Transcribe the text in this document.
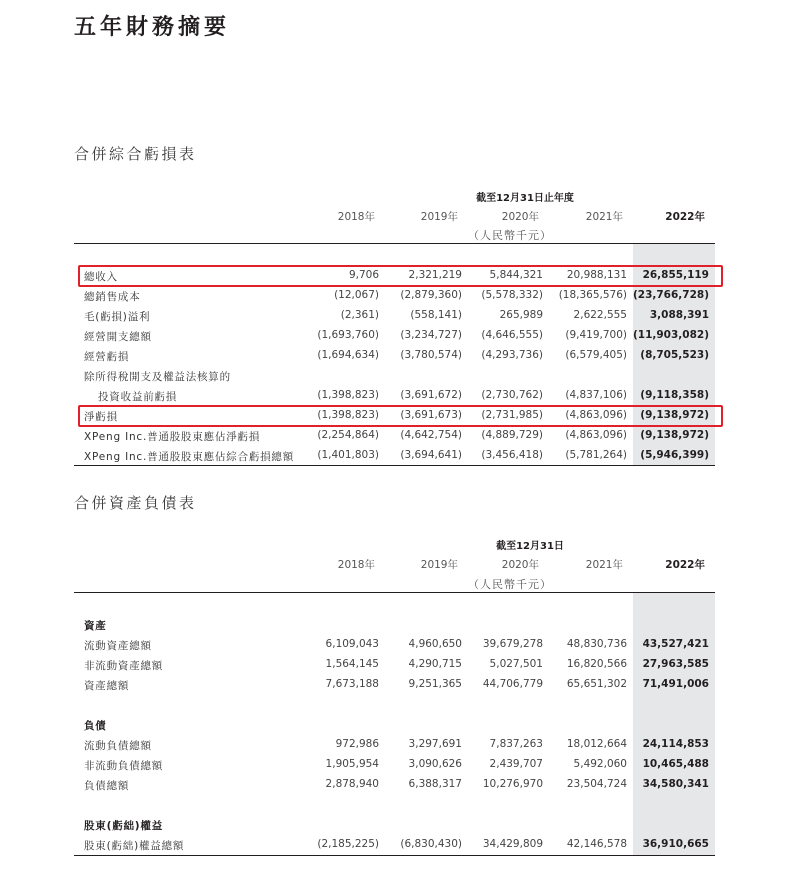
五年財務摘要
合併綜合虧損表
截至12月31日止年度
2018年	2019年	2020年	2021年	2022年
（人民幣千元）
總收入	9,706	2,321,219	5,844,321 20,988,131 26,855,119
總銷售成本	(12,067) (2,879,360) (5,578,332) (18,365,576) (23,766,728)
毛(虧損)溢利	(2,361)	(558,141)	265,989	2,622,555 3,088,391
經營開支總額	(1,693,760) (3,234,727) (4,646,555) (9,419,700) (11,903,082)
經營虧損	(1,694,634) (3,780,574) (4,293,736) (6,579,405) (8,705,523)
除所得稅開支及權益法核算的
投資收益前虧損	(1,398,823) (3,691,672) (2,730,762) (4,837,106) (9,118,358)
淨虧損	(1,398,823) (3,691,673) (2,731,985) (4,863,096) (9,138,972)
XPeng Inc.普通股股東應佔淨虧損	(2,254,864) (4,642,754) (4,889,729) (4,863,096) (9,138,972)
XPeng Inc.普通股股東應佔綜合虧損總額 (1,401,803) (3,694,641) (3,456,418) (5,781,264) (5,946,399)
合併資產負債表
截至12月31日
2018年	2019年	2020年	2021年	2022年
（人民幣千元）
資產
流動資產總額	6,109,043	4,960,650 39,679,278 48,830,736 43,527,421
非流動資產總額	1,564,145	4,290,715	5,027,501 16,820,566 27,963,585
資產總額	7,673,188	9,251,365 44,706,779 65,651,302 71,491,006
負債
流動負債總額	972,986	3,297,691	7,837,263 18,012,664 24,114,853
非流動負債總額	1,905,954	3,090,626	2,439,707	5,492,060 10,465,488
負債總額	2,878,940	6,388,317 10,276,970 23,504,724 34,580,341
股東(虧絀)權益
股東(虧絀)權益總額	(2,185,225) (6,830,430) 34,429,809 42,146,578 36,910,665
